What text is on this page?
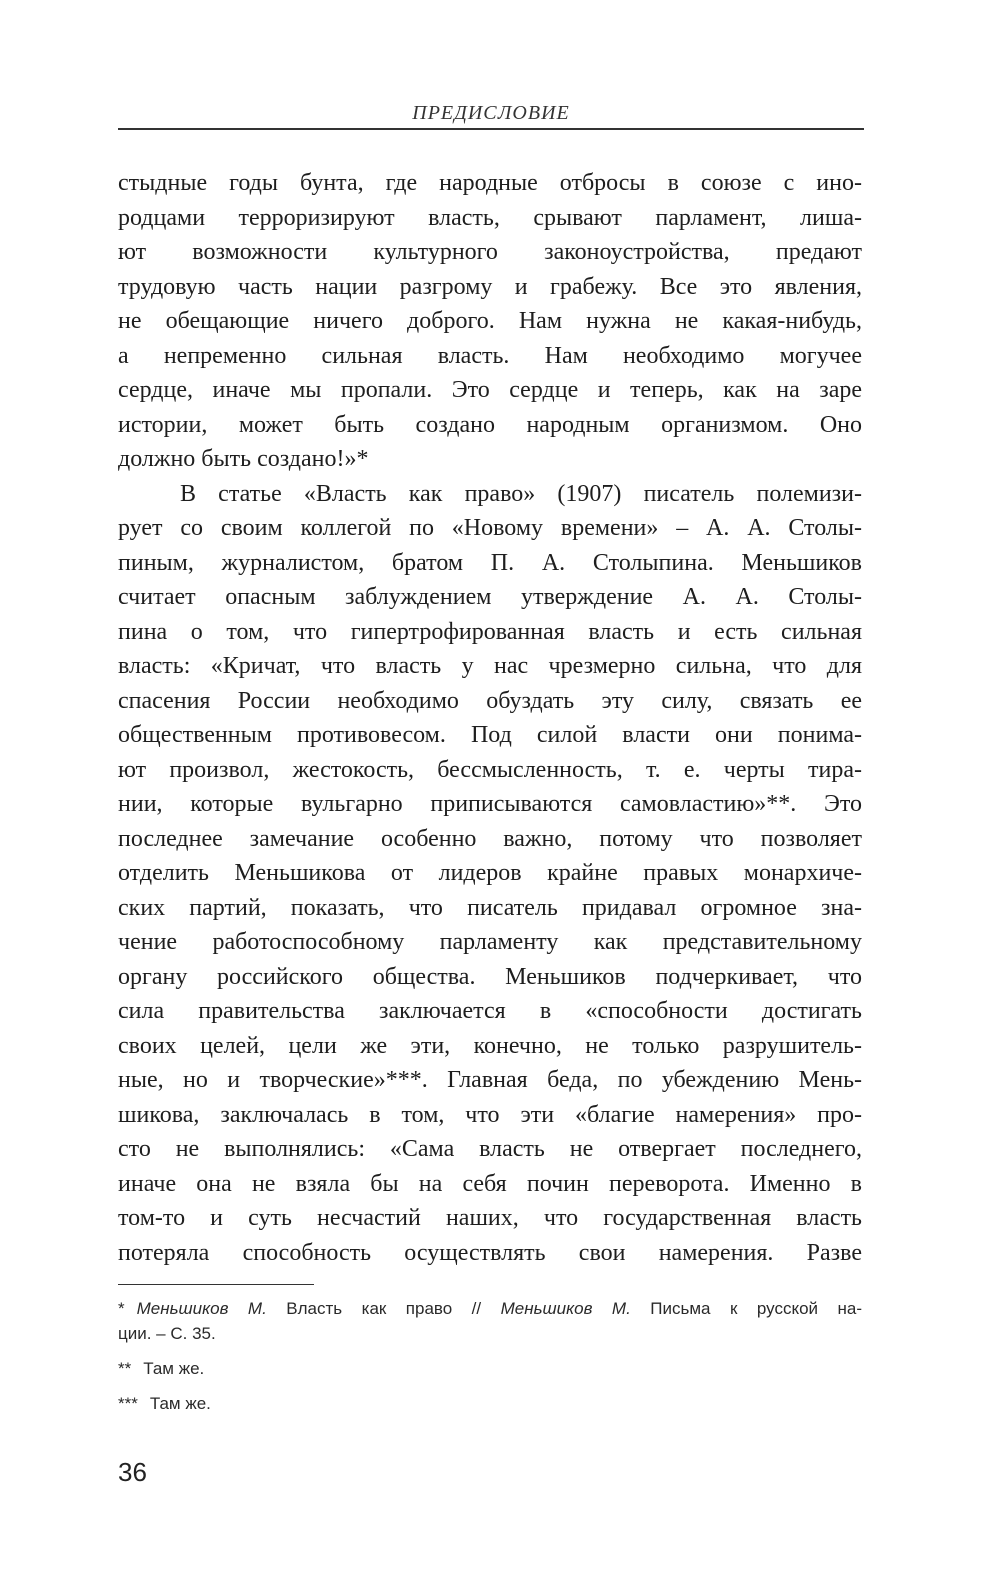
ПРЕДИСЛОВИЕ
стыдные годы бунта, где народные отбросы в союзе с ино-
родцами терроризируют власть, срывают парламент, лиша-
ют возможности культурного законоустройства, предают
трудовую часть нации разгрому и грабежу. Все это явления,
не обещающие ничего доброго. Нам нужна не какая-нибудь,
а непременно сильная власть. Нам необходимо могучее
сердце, иначе мы пропали. Это сердце и теперь, как на заре
истории, может быть создано народным организмом. Оно
должно быть создано!»*
В статье «Власть как право» (1907) писатель полемизи-
рует со своим коллегой по «Новому времени» – А. А. Столы-
пиным, журналистом, братом П. А. Столыпина. Меньшиков
считает опасным заблуждением утверждение А. А. Столы-
пина о том, что гипертрофированная власть и есть сильная
власть: «Кричат, что власть у нас чрезмерно сильна, что для
спасения России необходимо обуздать эту силу, связать ее
общественным противовесом. Под силой власти они понима-
ют произвол, жестокость, бессмысленность, т. е. черты тира-
нии, которые вульгарно приписываются самовластию»**. Это
последнее замечание особенно важно, потому что позволяет
отделить Меньшикова от лидеров крайне правых монархиче-
ских партий, показать, что писатель придавал огромное зна-
чение работоспособному парламенту как представительному
органу российского общества. Меньшиков подчеркивает, что
сила правительства заключается в «способности достигать
своих целей, цели же эти, конечно, не только разрушитель-
ные, но и творческие»***. Главная беда, по убеждению Мень-
шикова, заключалась в том, что эти «благие намерения» про-
сто не выполнялись: «Сама власть не отвергает последнего,
иначе она не взяла бы на себя почин переворота. Именно в
том-то и суть несчастий наших, что государственная власть
потеряла способность осуществлять свои намерения. Разве
* Меньшиков М. Власть как право // Меньшиков М. Письма к русской на-
ции. – С. 35.
** Там же.
*** Там же.
36
